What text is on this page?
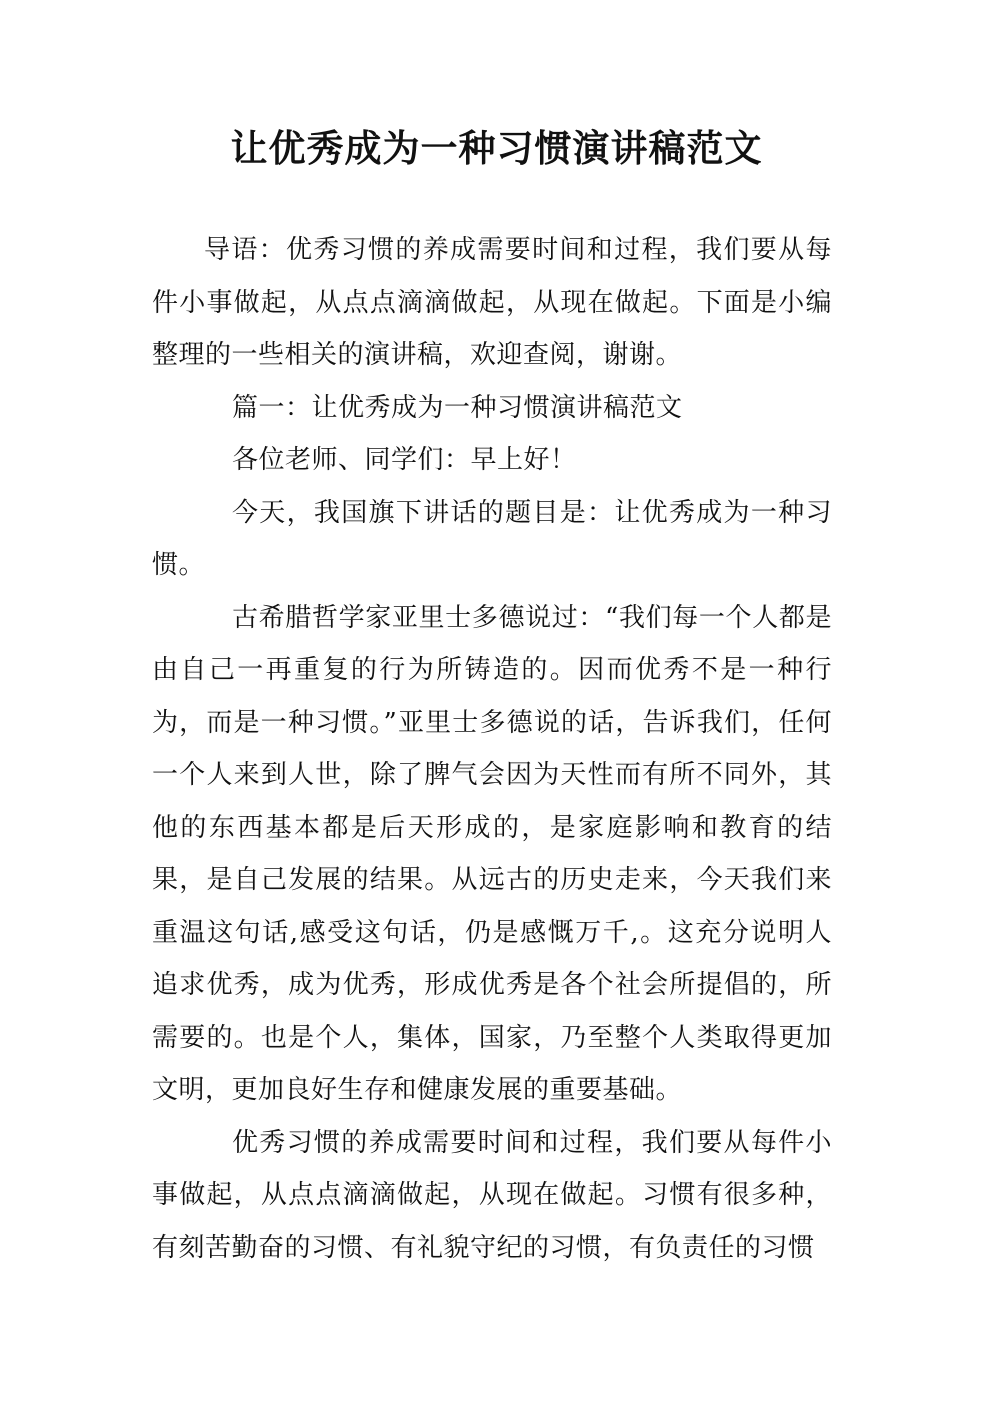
让优秀成为一种习惯演讲稿范文

导语：优秀习惯的养成需要时间和过程，我们要从每件小事做起，从点点滴滴做起，从现在做起。下面是小编整理的一些相关的演讲稿，欢迎查阅，谢谢。

篇一：让优秀成为一种习惯演讲稿范文

各位老师、同学们：早上好！

今天，我国旗下讲话的题目是：让优秀成为一种习惯。

古希腊哲学家亚里士多德说过：“我们每一个人都是由自己一再重复的行为所铸造的。因而优秀不是一种行为，而是一种习惯。”亚里士多德说的话，告诉我们，任何一个人来到人世，除了脾气会因为天性而有所不同外，其他的东西基本都是后天形成的，是家庭影响和教育的结果，是自己发展的结果。从远古的历史走来，今天我们来重温这句话,感受这句话，仍是感慨万千,。这充分说明人追求优秀，成为优秀，形成优秀是各个社会所提倡的，所需要的。也是个人，集体，国家，乃至整个人类取得更加文明，更加良好生存和健康发展的重要基础。

优秀习惯的养成需要时间和过程，我们要从每件小事做起，从点点滴滴做起，从现在做起。习惯有很多种，有刻苦勤奋的习惯、有礼貌守纪的习惯，有负责任的习惯
